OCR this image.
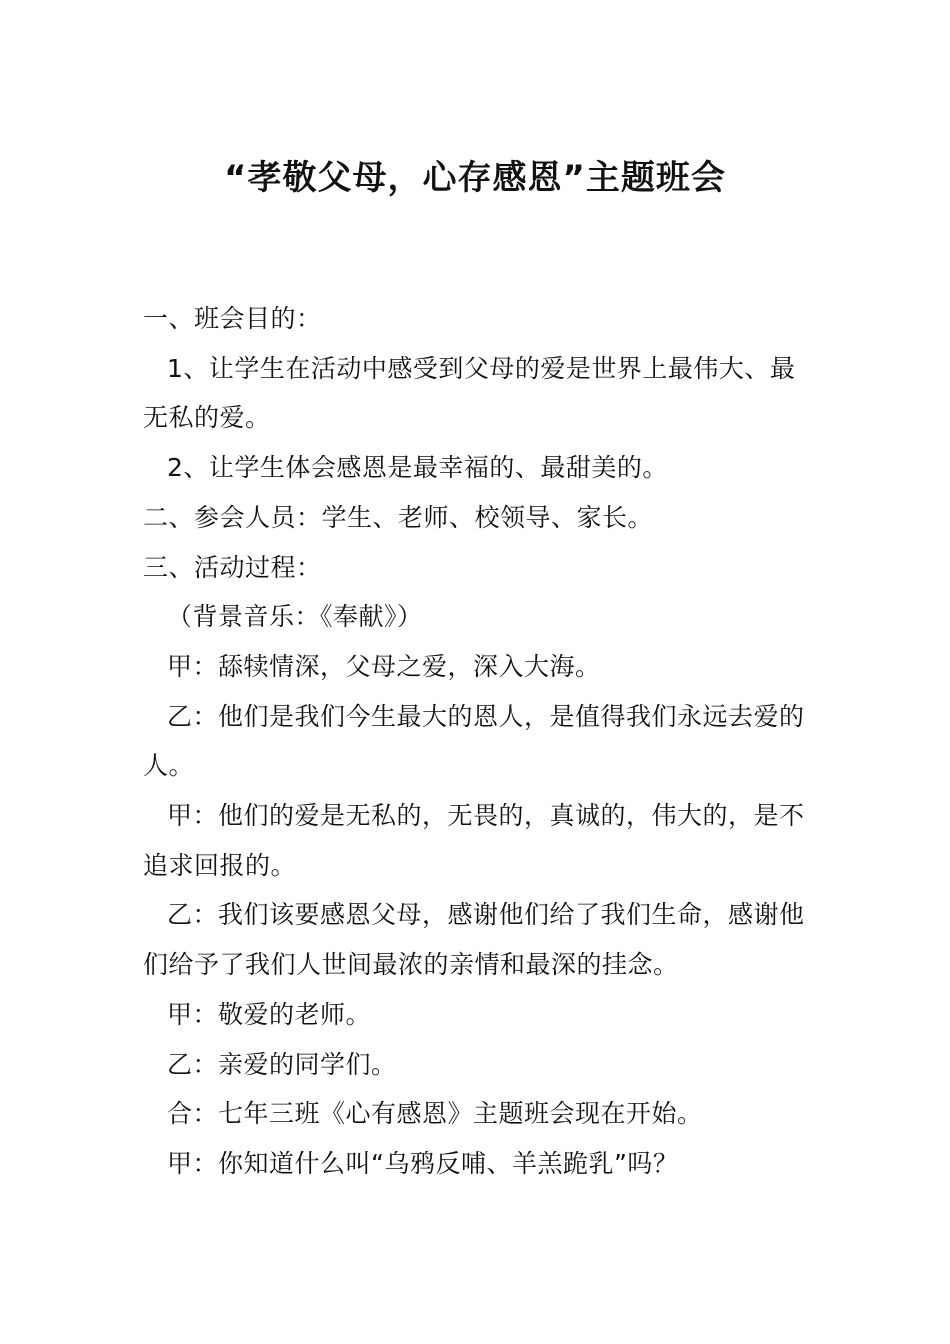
“孝敬父母，心存感恩”主题班会
一、班会目的：
1、让学生在活动中感受到父母的爱是世界上最伟大、最
无私的爱。
2、让学生体会感恩是最幸福的、最甜美的。
二、参会人员：学生、老师、校领导、家长。
三、活动过程：
（背景音乐：《奉献》）
甲：舔犊情深，父母之爱，深入大海。
乙：他们是我们今生最大的恩人，是值得我们永远去爱的
人。
甲：他们的爱是无私的，无畏的，真诚的，伟大的，是不
追求回报的。
乙：我们该要感恩父母，感谢他们给了我们生命，感谢他
们给予了我们人世间最浓的亲情和最深的挂念。
甲：敬爱的老师。
乙：亲爱的同学们。
合：七年三班《心有感恩》主题班会现在开始。
甲：你知道什么叫“乌鸦反哺、羊羔跪乳”吗？
